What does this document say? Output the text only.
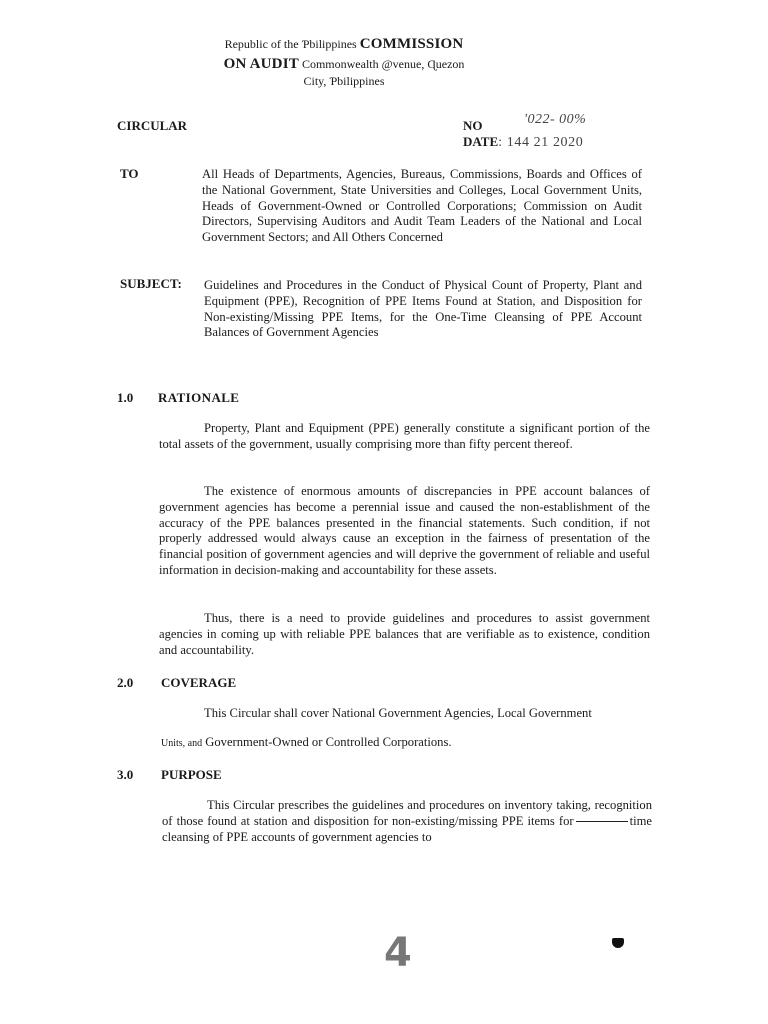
Republic of the Ƥbilippines COMMISSION
ON AUDIT Commonwealth @venue, Ɋuezon
City, Ƥbilippines
CIRCULAR	NO	'022- 00%
DATE: 144 21 2020
TO	All Heads of Departments, Agencies, Bureaus, Commissions, Boards and Offices of the National Government, State Universities and Colleges, Local Government Units, Heads of Government-Owned or Controlled Corporations; Commission on Audit Directors, Supervising Auditors and Audit Team Leaders of the National and Local Government Sectors; and All Others Concerned
SUBJECT: Guidelines and Procedures in the Conduct of Physical Count of Property, Plant and Equipment (PPE), Recognition of PPE Items Found at Station, and Disposition for Non-existing/Missing PPE Items, for the One-Time Cleansing of PPE Account Balances of Government Agencies
1.0 RATIONALE
Property, Plant and Equipment (PPE) generally constitute a significant portion of the total assets of the government, usually comprising more than fifty percent thereof.
The existence of enormous amounts of discrepancies in PPE account balances of government agencies has become a perennial issue and caused the non-establishment of the accuracy of the PPE balances presented in the financial statements. Such condition, if not properly addressed would always cause an exception in the fairness of presentation of the financial position of government agencies and will deprive the government of reliable and useful information in decision-making and accountability for these assets.
Thus, there is a need to provide guidelines and procedures to assist government agencies in coming up with reliable PPE balances that are verifiable as to existence, condition and accountability.
2.0 COVERAGE
This Circular shall cover National Government Agencies, Local Government
Units, and Government-Owned or Controlled Corporations.
3.0 PURPOSE
This Circular prescribes the guidelines and procedures on inventory taking, recognition of those found at station and disposition for non-existing/missing PPE items for	time cleansing of PPE accounts of government agencies to
4
